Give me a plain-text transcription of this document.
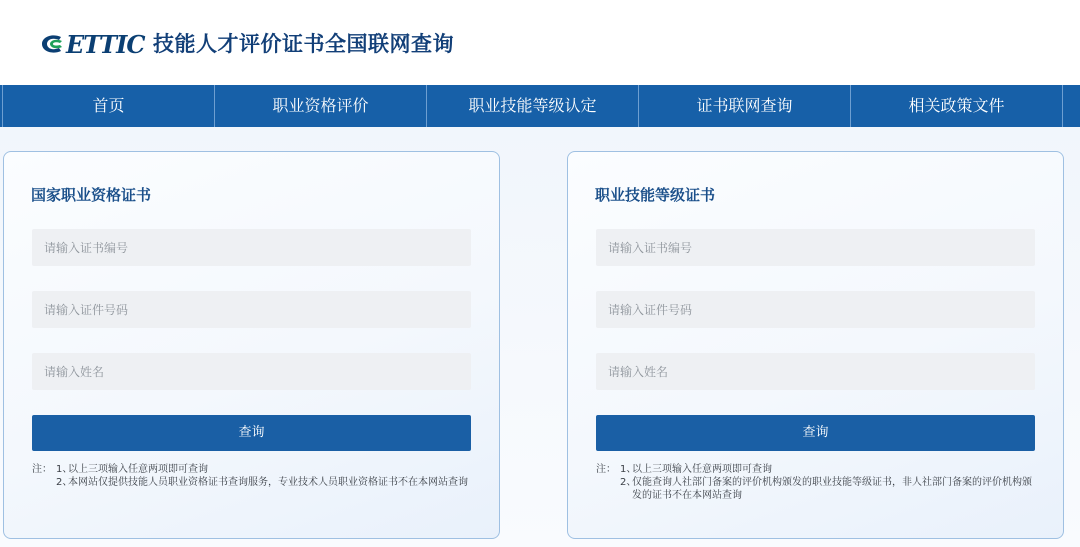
ETTIC 技能人才评价证书全国联网查询
首页	职业资格评价	职业技能等级认定	证书联网查询	相关政策文件
国家职业资格证书
请输入证书编号
请输入证件号码
请输入姓名
查询
注： 1、
以上三项输入任意两项即可查询
2、
本网站仅提供技能人员职业资格证书查询服务，专业技术人员职业资格证书不在本网站查询
职业技能等级证书
请输入证书编号
请输入证件号码
请输入姓名
查询
注： 1、
以上三项输入任意两项即可查询
2、
仅能查询人社部门备案的评价机构颁发的职业技能等级证书，非人社部门备案的评价机构颁发的证书不在本网站查询
